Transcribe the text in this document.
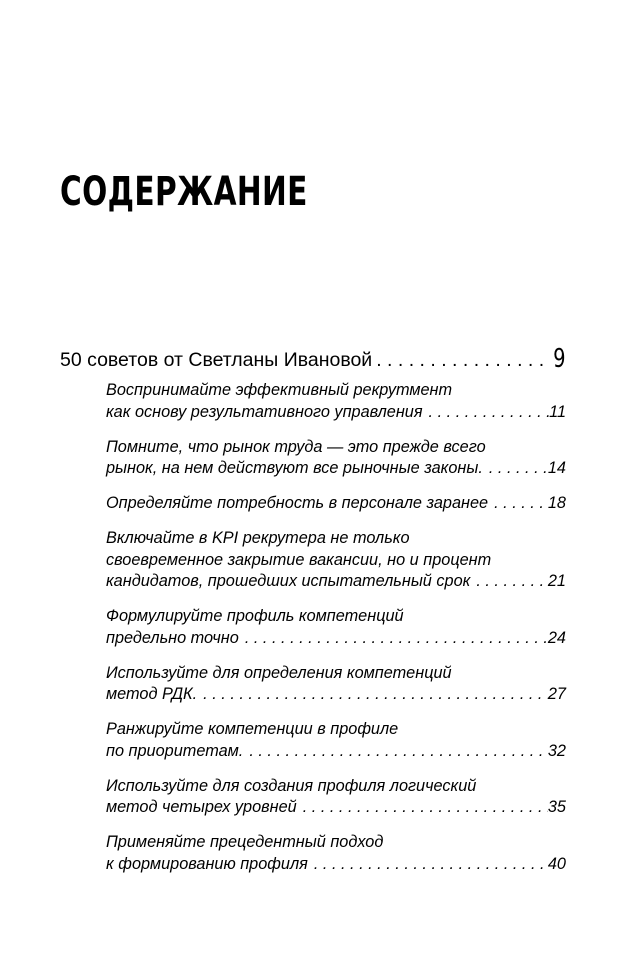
СОДЕРЖАНИЕ
50 советов от Светланы Ивановой . . .	9
Воспринимайте эффективный рекрутмент
как основу результативного управления . . .	11
Помните, что рынок труда — это прежде всего
рынок, на нем действуют все рыночные законы. . . .	14
Определяйте потребность в персонале заранее . . .	18
Включайте в KPI рекрутера не только
своевременное закрытие вакансии, но и процент
кандидатов, прошедших испытательный срок . . .	21
Формулируйте профиль компетенций
предельно точно . . .	24
Используйте для определения компетенций
метод РДК. . . .	27
Ранжируйте компетенции в профиле
по приоритетам. . . .	32
Используйте для создания профиля логический
метод четырех уровней . . .	35
Применяйте прецедентный подход
к формированию профиля . . .	40
